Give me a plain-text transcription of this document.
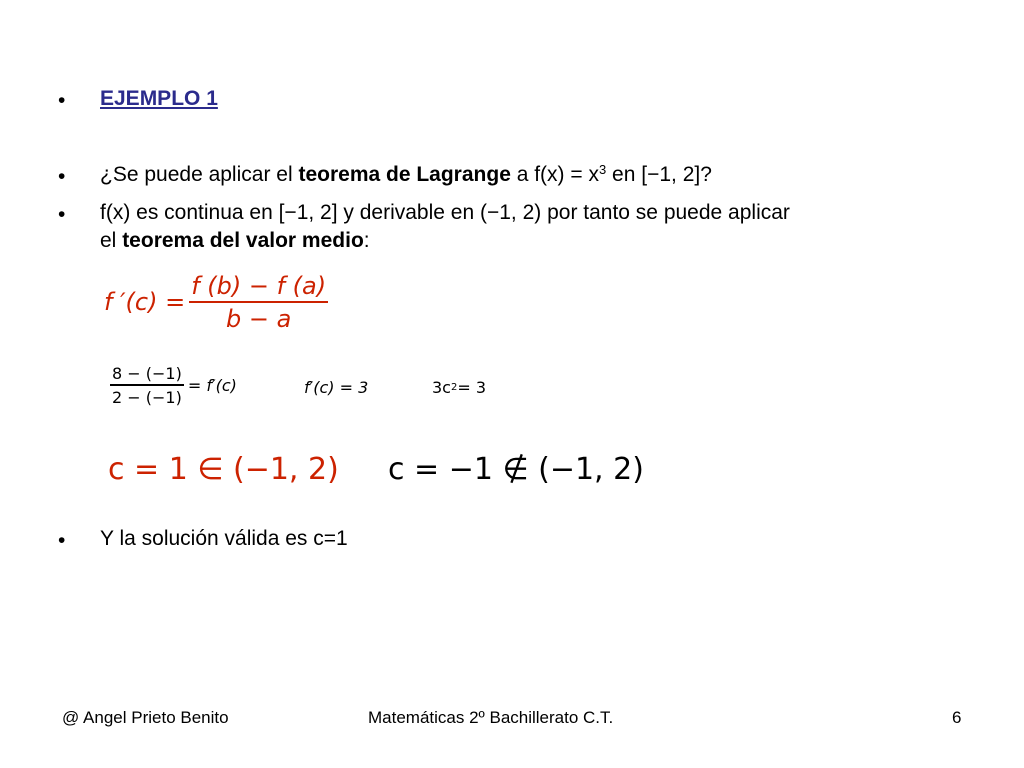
• EJEMPLO 1
• ¿Se puede aplicar el teorema de Lagrange a $f(x) = x^3$ en [−1, 2]?
• f(x) es continua en [−1, 2] y derivable en (−1, 2) por tanto se puede aplicar
el teorema del valor medio:
f $'(c) = \frac{f (b) - f (a)}{b - a}$
$\frac{8 - (-1)}{2 - (-1)} = f'(c)$	f′(c) = 3	3c 2 = 3
c = 1 ∈ (−1, 2) c = −1 ∉ (−1, 2)
• Y la solución válida es c=1
@ Angel Prieto Benito	Matemáticas 2º Bachillerato C.T.	6
